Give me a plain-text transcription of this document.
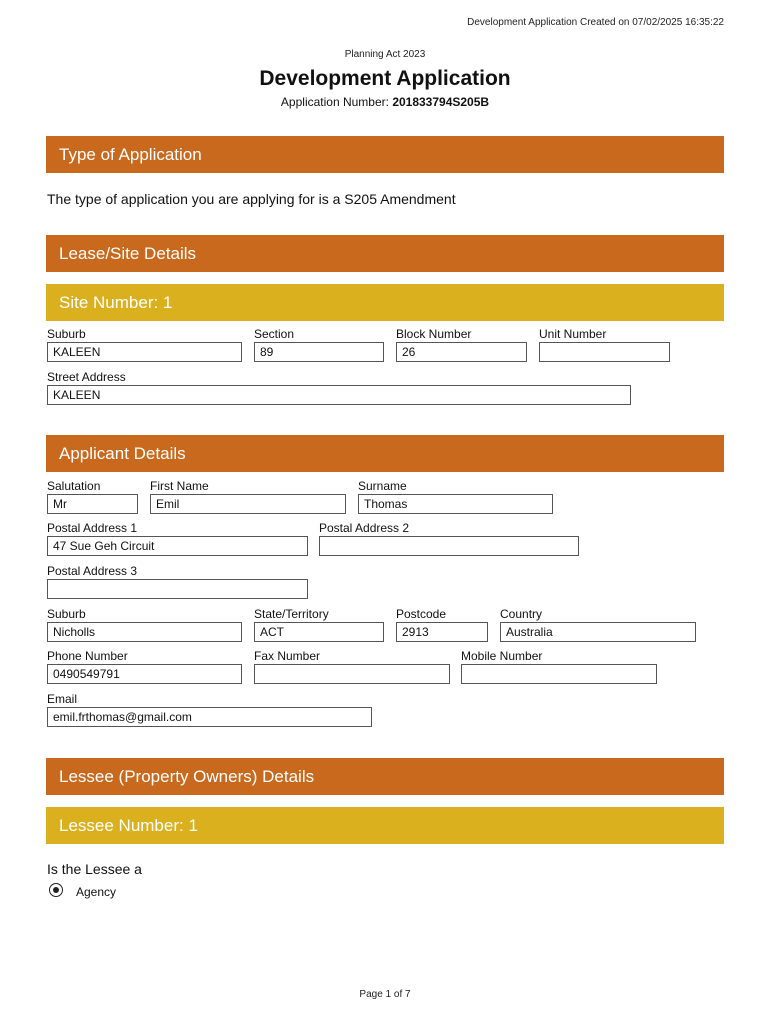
Development Application Created on 07/02/2025 16:35:22
Planning Act 2023
Development Application
Application Number: 201833794S205B
Type of Application
The type of application you are applying for is a S205 Amendment
Lease/Site Details
Site Number: 1
Suburb
KALEEN
Section
89
Block Number
26
Unit Number
Street Address
KALEEN
Applicant Details
Salutation
Mr
First Name
Emil
Surname
Thomas
Postal Address 1
47 Sue Geh Circuit
Postal Address 2
Postal Address 3
Suburb
Nicholls
State/Territory
ACT
Postcode
2913
Country
Australia
Phone Number
0490549791
Fax Number	Mobile Number
Email
emil.frthomas@gmail.com
Lessee (Property Owners) Details
Lessee Number: 1
Is the Lessee a
Agency
Page 1 of 7
